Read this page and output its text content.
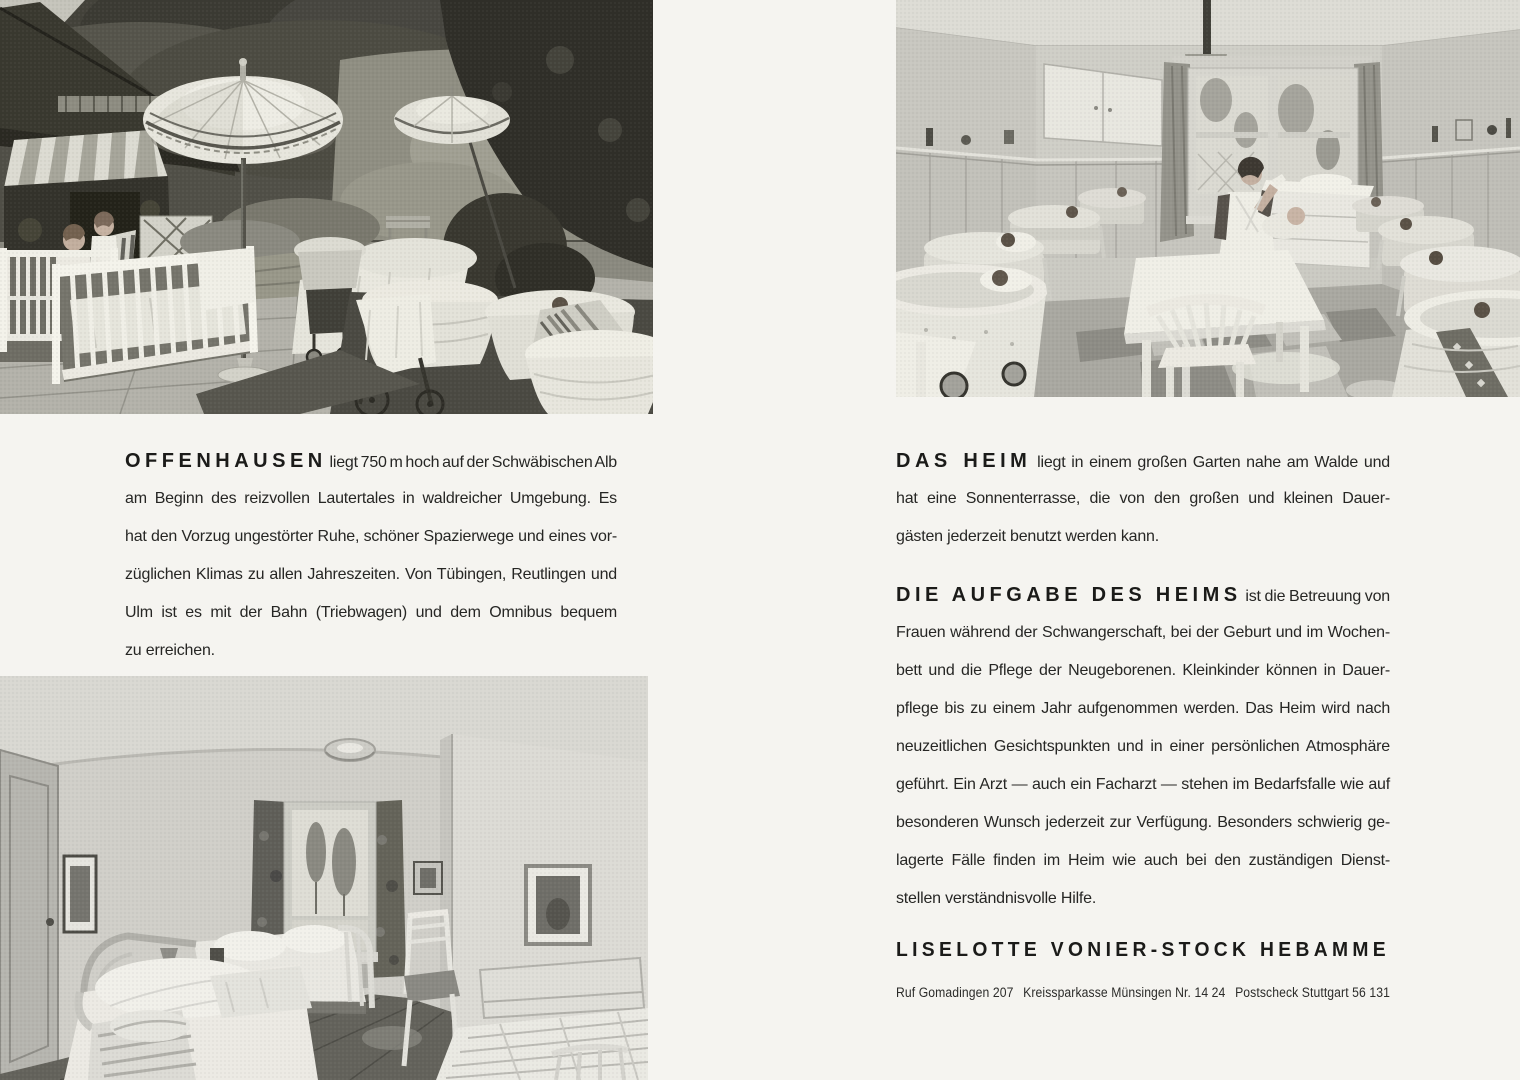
OFFENHAUSEN liegt 750 m hoch auf der Schwäbischen Alb
am Beginn des reizvollen Lautertales in waldreicher Umgebung. Es
hat den Vorzug ungestörter Ruhe, schöner Spazierwege und eines vor-
züglichen Klimas zu allen Jahreszeiten. Von Tübingen, Reutlingen und
Ulm ist es mit der Bahn (Triebwagen) und dem Omnibus bequem
zu erreichen.
DAS HEIM liegt in einem großen Garten nahe am Walde und
hat eine Sonnenterrasse, die von den großen und kleinen Dauer-
gästen jederzeit benutzt werden kann.
DIE AUFGABE DES HEIMS ist die Betreuung von
Frauen während der Schwangerschaft, bei der Geburt und im Wochen-
bett und die Pflege der Neugeborenen. Kleinkinder können in Dauer-
pflege bis zu einem Jahr aufgenommen werden. Das Heim wird nach
neuzeitlichen Gesichtspunkten und in einer persönlichen Atmosphäre
geführt. Ein Arzt — auch ein Facharzt — stehen im Bedarfsfalle wie auf
besonderen Wunsch jederzeit zur Verfügung. Besonders schwierig ge-
lagerte Fälle finden im Heim wie auch bei den zuständigen Dienst-
stellen verständnisvolle Hilfe.
LISELOTTE VONIER-STOCK HEBAMME
Ruf Gomadingen 207  Kreissparkasse Münsingen Nr. 14 24  Postscheck Stuttgart 56 131
